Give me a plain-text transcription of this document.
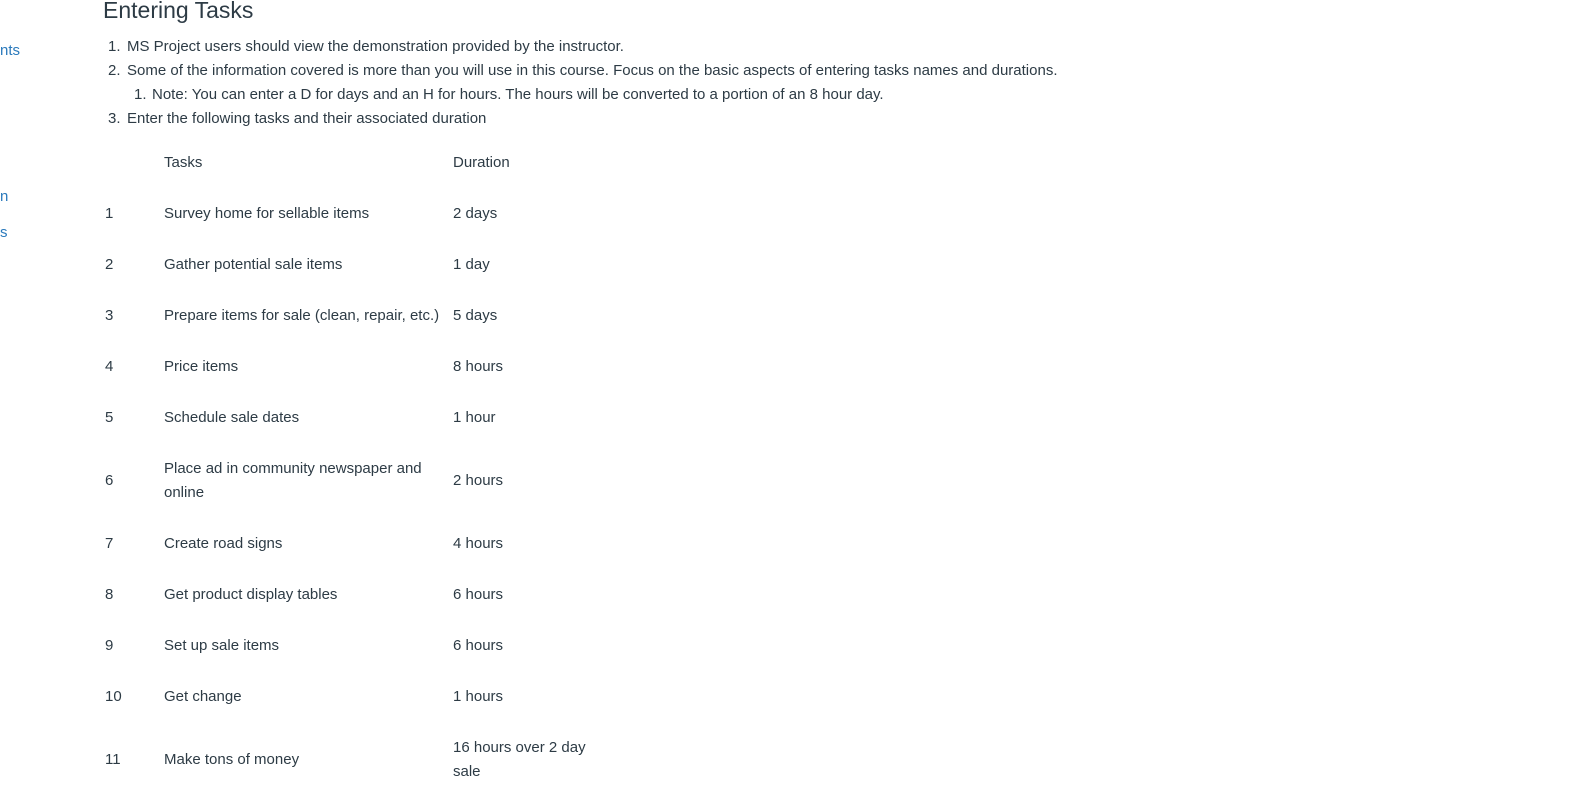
nts
n
s
Entering Tasks
1. MS Project users should view the demonstration provided by the instructor.
2. Some of the information covered is more than you will use in this course. Focus on the basic aspects of entering tasks names and durations.
1. Note: You can enter a D for days and an H for hours. The hours will be converted to a portion of an 8 hour day.
3. Enter the following tasks and their associated duration
	Tasks	Duration
1	Survey home for sellable items	2 days
2	Gather potential sale items	1 day
3	Prepare items for sale (clean, repair, etc.)	5 days
4	Price items	8 hours
5	Schedule sale dates	1 hour
6	Place ad in community newspaper and online	2 hours
7	Create road signs	4 hours
8	Get product display tables	6 hours
9	Set up sale items	6 hours
10	Get change	1 hours
11	Make tons of money	16 hours over 2 day sale
